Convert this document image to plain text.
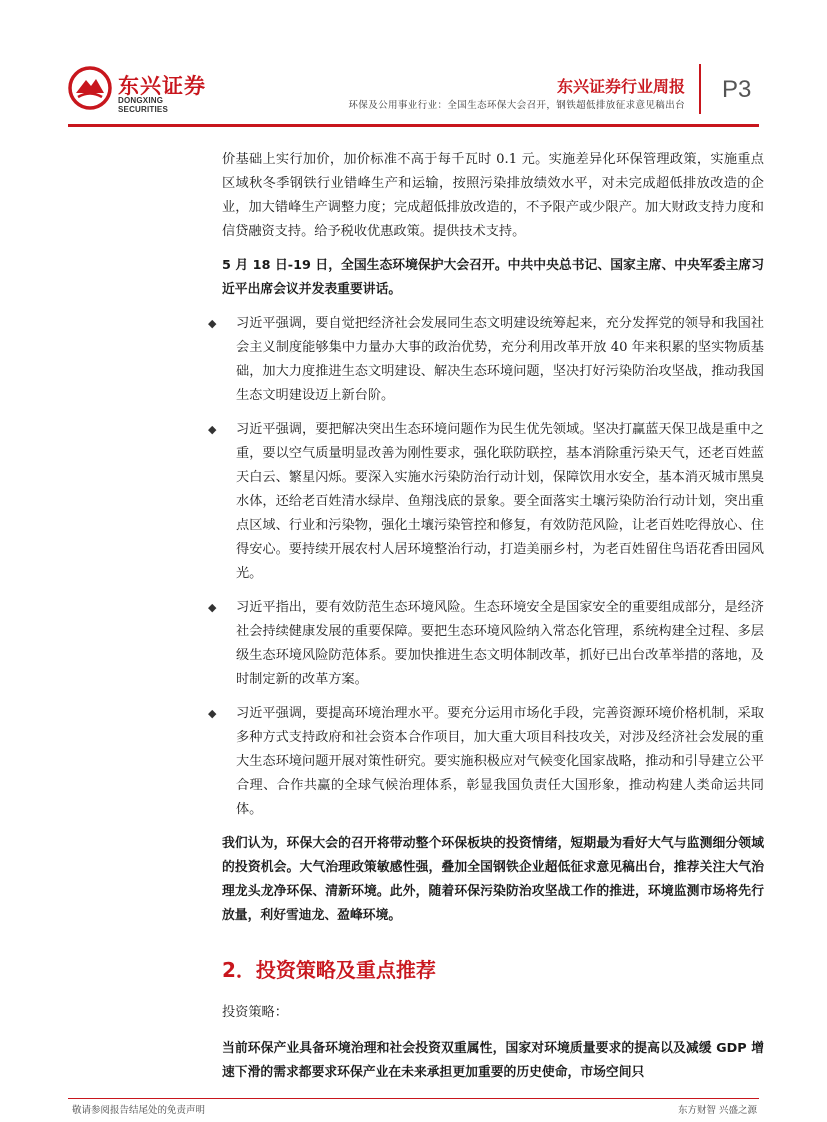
东兴证券
DONGXING SECURITIES
东兴证券行业周报
环保及公用事业行业：全国生态环保大会召开，钢铁超低排放征求意见稿出台
P3

价基础上实行加价，加价标准不高于每千瓦时 0.1 元。实施差异化环保管理政策，实施重点区域秋冬季钢铁行业错峰生产和运输，按照污染排放绩效水平，对未完成超低排放改造的企业，加大错峰生产调整力度；完成超低排放改造的，不予限产或少限产。加大财政支持力度和信贷融资支持。给予税收优惠政策。提供技术支持。

5 月 18 日-19 日，全国生态环境保护大会召开。中共中央总书记、国家主席、中央军委主席习近平出席会议并发表重要讲话。

◆	习近平强调，要自觉把经济社会发展同生态文明建设统筹起来，充分发挥党的领导和我国社会主义制度能够集中力量办大事的政治优势，充分利用改革开放 40 年来积累的坚实物质基础，加大力度推进生态文明建设、解决生态环境问题，坚决打好污染防治攻坚战，推动我国生态文明建设迈上新台阶。

◆	习近平强调，要把解决突出生态环境问题作为民生优先领域。坚决打赢蓝天保卫战是重中之重，要以空气质量明显改善为刚性要求，强化联防联控，基本消除重污染天气，还老百姓蓝天白云、繁星闪烁。要深入实施水污染防治行动计划，保障饮用水安全，基本消灭城市黑臭水体，还给老百姓清水绿岸、鱼翔浅底的景象。要全面落实土壤污染防治行动计划，突出重点区域、行业和污染物，强化土壤污染管控和修复，有效防范风险，让老百姓吃得放心、住得安心。要持续开展农村人居环境整治行动，打造美丽乡村，为老百姓留住鸟语花香田园风光。

◆	习近平指出，要有效防范生态环境风险。生态环境安全是国家安全的重要组成部分，是经济社会持续健康发展的重要保障。要把生态环境风险纳入常态化管理，系统构建全过程、多层级生态环境风险防范体系。要加快推进生态文明体制改革，抓好已出台改革举措的落地，及时制定新的改革方案。

◆	习近平强调，要提高环境治理水平。要充分运用市场化手段，完善资源环境价格机制，采取多种方式支持政府和社会资本合作项目，加大重大项目科技攻关，对涉及经济社会发展的重大生态环境问题开展对策性研究。要实施积极应对气候变化国家战略，推动和引导建立公平合理、合作共赢的全球气候治理体系，彰显我国负责任大国形象，推动构建人类命运共同体。

我们认为，环保大会的召开将带动整个环保板块的投资情绪，短期最为看好大气与监测细分领域的投资机会。大气治理政策敏感性强，叠加全国钢铁企业超低征求意见稿出台，推荐关注大气治理龙头龙净环保、清新环境。此外，随着环保污染防治攻坚战工作的推进，环境监测市场将先行放量，利好雪迪龙、盈峰环境。

2．投资策略及重点推荐

投资策略：

当前环保产业具备环境治理和社会投资双重属性，国家对环境质量要求的提高以及减缓 GDP 增速下滑的需求都要求环保产业在未来承担更加重要的历史使命，市场空间只

敬请参阅报告结尾处的免责声明	东方财智 兴盛之源
